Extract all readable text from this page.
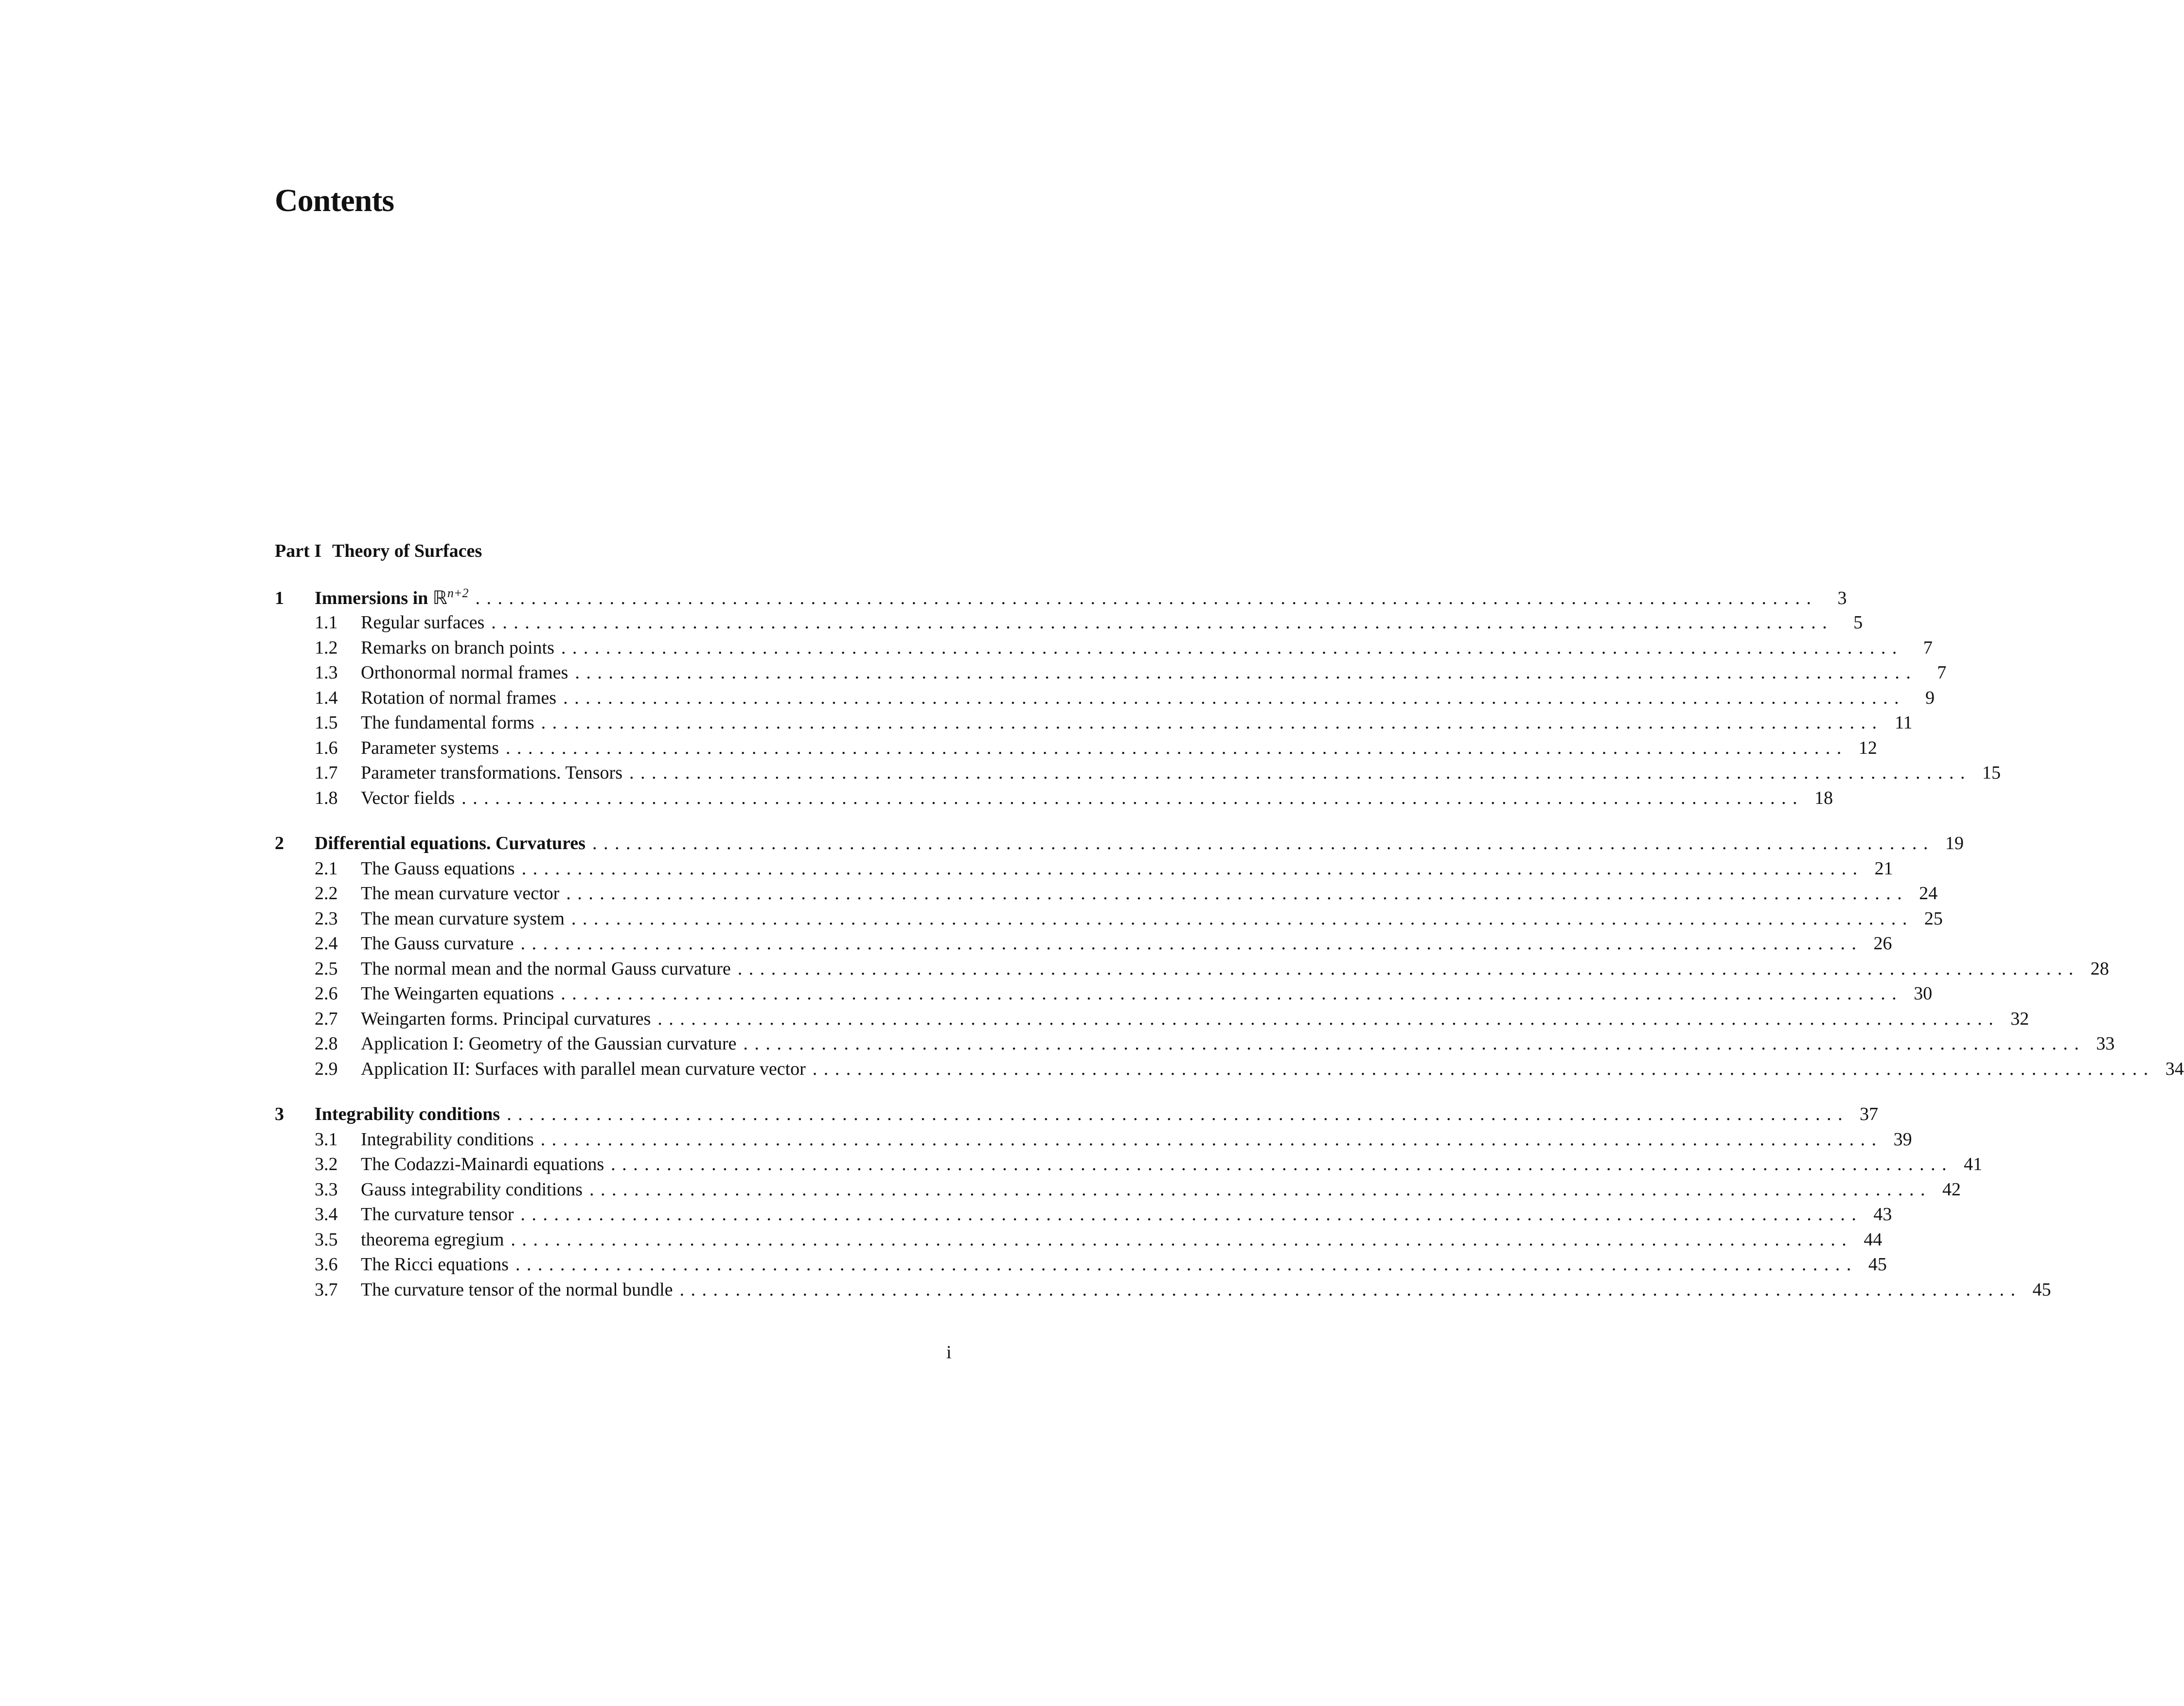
Contents
Part I Theory of Surfaces
1	Immersions in ℝ$^{n+2}$ ........................................................................................................................	3
1.1	Regular surfaces ........................................................................................................................	5
1.2	Remarks on branch points ........................................................................................................................	7
1.3	Orthonormal normal frames ........................................................................................................................	7
1.4	Rotation of normal frames ........................................................................................................................	9
1.5	The fundamental forms ........................................................................................................................ 11
1.6	Parameter systems ........................................................................................................................ 12
1.7	Parameter transformations. Tensors ........................................................................................................................ 15
1.8	Vector fields ........................................................................................................................ 18
2	Differential equations. Curvatures ........................................................................................................................ 19
2.1	The Gauss equations ........................................................................................................................ 21
2.2	The mean curvature vector ........................................................................................................................ 24
2.3	The mean curvature system ........................................................................................................................ 25
2.4	The Gauss curvature ........................................................................................................................ 26
2.5	The normal mean and the normal Gauss curvature ........................................................................................................................ 28
2.6	The Weingarten equations ........................................................................................................................ 30
2.7	Weingarten forms. Principal curvatures ........................................................................................................................ 32
2.8	Application I: Geometry of the Gaussian curvature ........................................................................................................................ 33
2.9	Application II: Surfaces with parallel mean curvature vector ........................................................................................................................ 34
3	Integrability conditions ........................................................................................................................ 37
3.1	Integrability conditions ........................................................................................................................ 39
3.2	The Codazzi-Mainardi equations ........................................................................................................................ 41
3.3	Gauss integrability conditions ........................................................................................................................ 42
3.4	The curvature tensor ........................................................................................................................ 43
3.5	theorema egregium ........................................................................................................................ 44
3.6	The Ricci equations ........................................................................................................................ 45
3.7	The curvature tensor of the normal bundle ........................................................................................................................ 45
i
